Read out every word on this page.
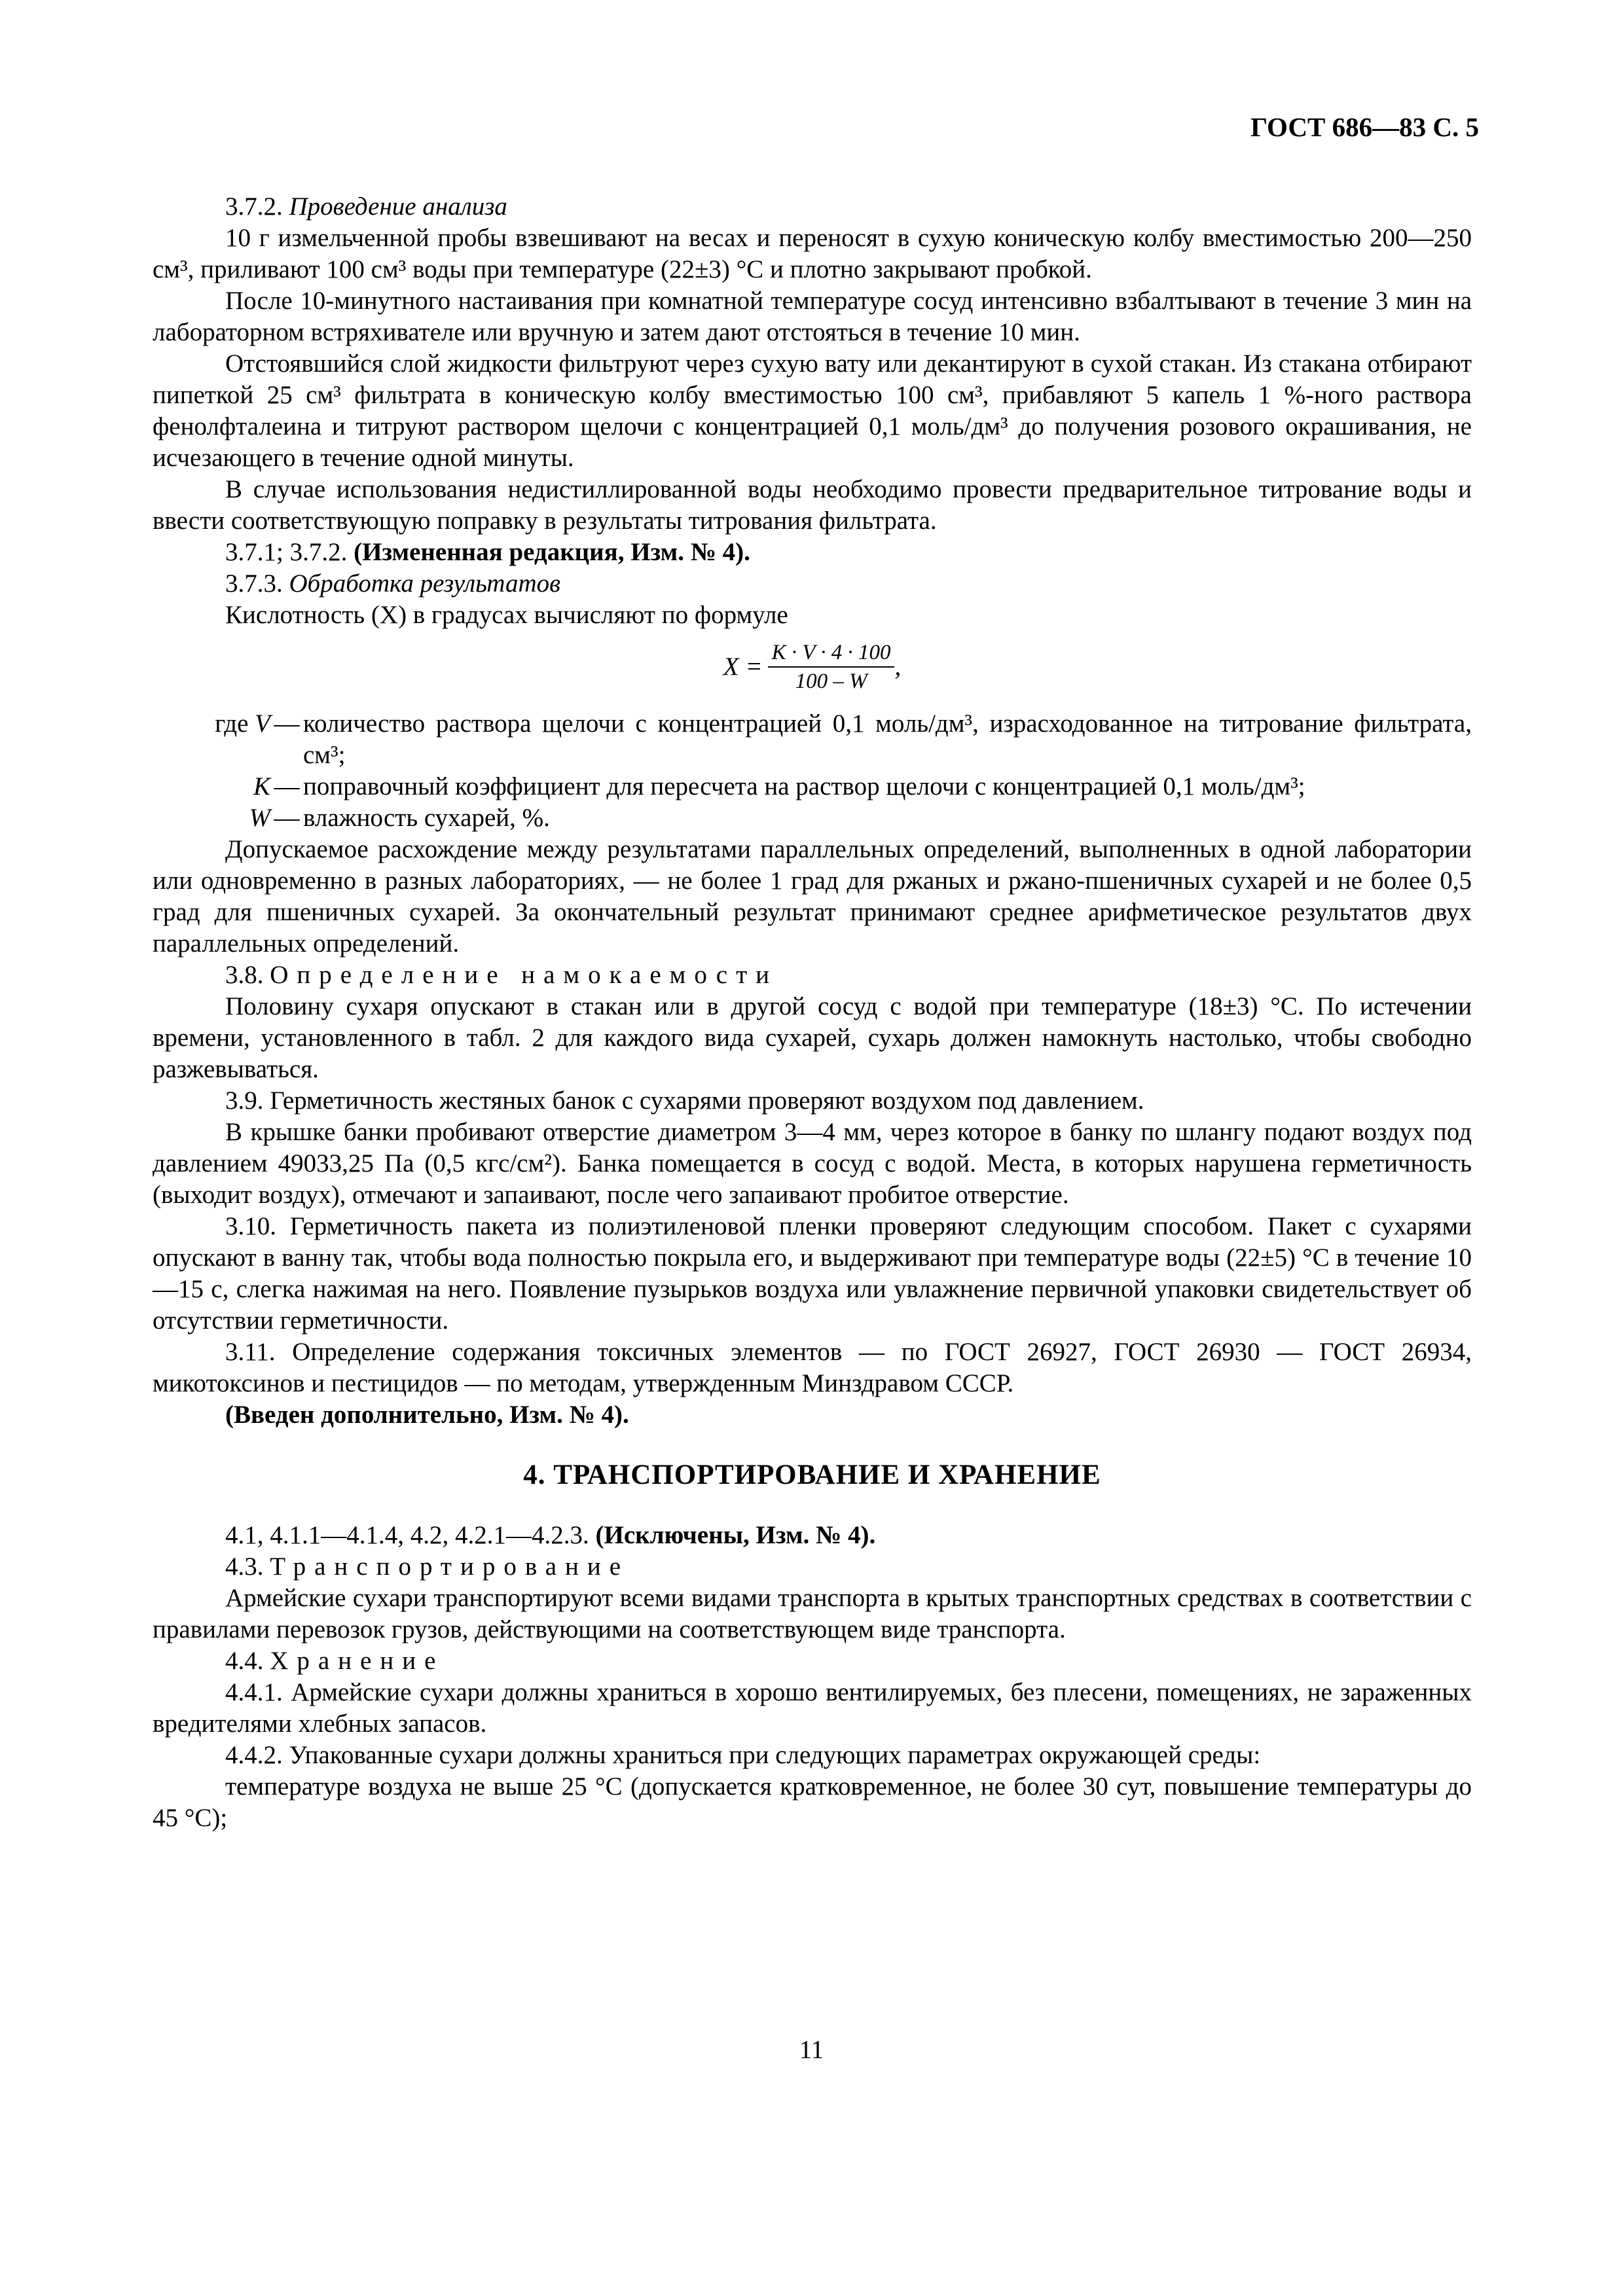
ГОСТ 686—83 С. 5

3.7.2. Проведение анализа

10 г измельченной пробы взвешивают на весах и переносят в сухую коническую колбу вместимостью 200—250 см³, приливают 100 см³ воды при температуре (22±3) °С и плотно закрывают пробкой.

После 10-минутного настаивания при комнатной температуре сосуд интенсивно взбалтывают в течение 3 мин на лабораторном встряхивателе или вручную и затем дают отстояться в течение 10 мин.

Отстоявшийся слой жидкости фильтруют через сухую вату или декантируют в сухой стакан. Из стакана отбирают пипеткой 25 см³ фильтрата в коническую колбу вместимостью 100 см³, прибавляют 5 капель 1 %-ного раствора фенолфталеина и титруют раствором щелочи с концентрацией 0,1 моль/дм³ до получения розового окрашивания, не исчезающего в течение одной минуты.

В случае использования недистиллированной воды необходимо провести предварительное титрование воды и ввести соответствующую поправку в результаты титрования фильтрата.

3.7.1; 3.7.2. (Измененная редакция, Изм. № 4).

3.7.3. Обработка результатов

Кислотность (X) в градусах вычисляют по формуле

$X = \frac{K \cdot V \cdot 4 \cdot 100}{100 - W}$ ,
где V — количество раствора щелочи с концентрацией 0,1 моль/дм³, израсходованное на титрование фильтрата, см³;
K — поправочный коэффициент для пересчета на раствор щелочи с концентрацией 0,1 моль/дм³;
W — влажность сухарей, %.

Допускаемое расхождение между результатами параллельных определений, выполненных в одной лаборатории или одновременно в разных лабораториях, — не более 1 град для ржаных и ржано-пшеничных сухарей и не более 0,5 град для пшеничных сухарей. За окончательный результат принимают среднее арифметическое результатов двух параллельных определений.

3.8. Определение намокаемости

Половину сухаря опускают в стакан или в другой сосуд с водой при температуре (18±3) °С. По истечении времени, установленного в табл. 2 для каждого вида сухарей, сухарь должен намокнуть настолько, чтобы свободно разжевываться.

3.9. Герметичность жестяных банок с сухарями проверяют воздухом под давлением.

В крышке банки пробивают отверстие диаметром 3—4 мм, через которое в банку по шлангу подают воздух под давлением 49033,25 Па (0,5 кгс/см²). Банка помещается в сосуд с водой. Места, в которых нарушена герметичность (выходит воздух), отмечают и запаивают, после чего запаивают пробитое отверстие.

3.10. Герметичность пакета из полиэтиленовой пленки проверяют следующим способом. Пакет с сухарями опускают в ванну так, чтобы вода полностью покрыла его, и выдерживают при температуре воды (22±5) °С в течение 10—15 с, слегка нажимая на него. Появление пузырьков воздуха или увлажнение первичной упаковки свидетельствует об отсутствии герметичности.

3.11. Определение содержания токсичных элементов — по ГОСТ 26927, ГОСТ 26930 — ГОСТ 26934, микотоксинов и пестицидов — по методам, утвержденным Минздравом СССР.

(Введен дополнительно, Изм. № 4).

4. ТРАНСПОРТИРОВАНИЕ И ХРАНЕНИЕ

4.1, 4.1.1—4.1.4, 4.2, 4.2.1—4.2.3. (Исключены, Изм. № 4).

4.3. Транспортирование

Армейские сухари транспортируют всеми видами транспорта в крытых транспортных средствах в соответствии с правилами перевозок грузов, действующими на соответствующем виде транспорта.

4.4. Хранение

4.4.1. Армейские сухари должны храниться в хорошо вентилируемых, без плесени, помещениях, не зараженных вредителями хлебных запасов.

4.4.2. Упакованные сухари должны храниться при следующих параметрах окружающей среды:

температуре воздуха не выше 25 °С (допускается кратковременное, не более 30 сут, повышение температуры до 45 °С);

11
